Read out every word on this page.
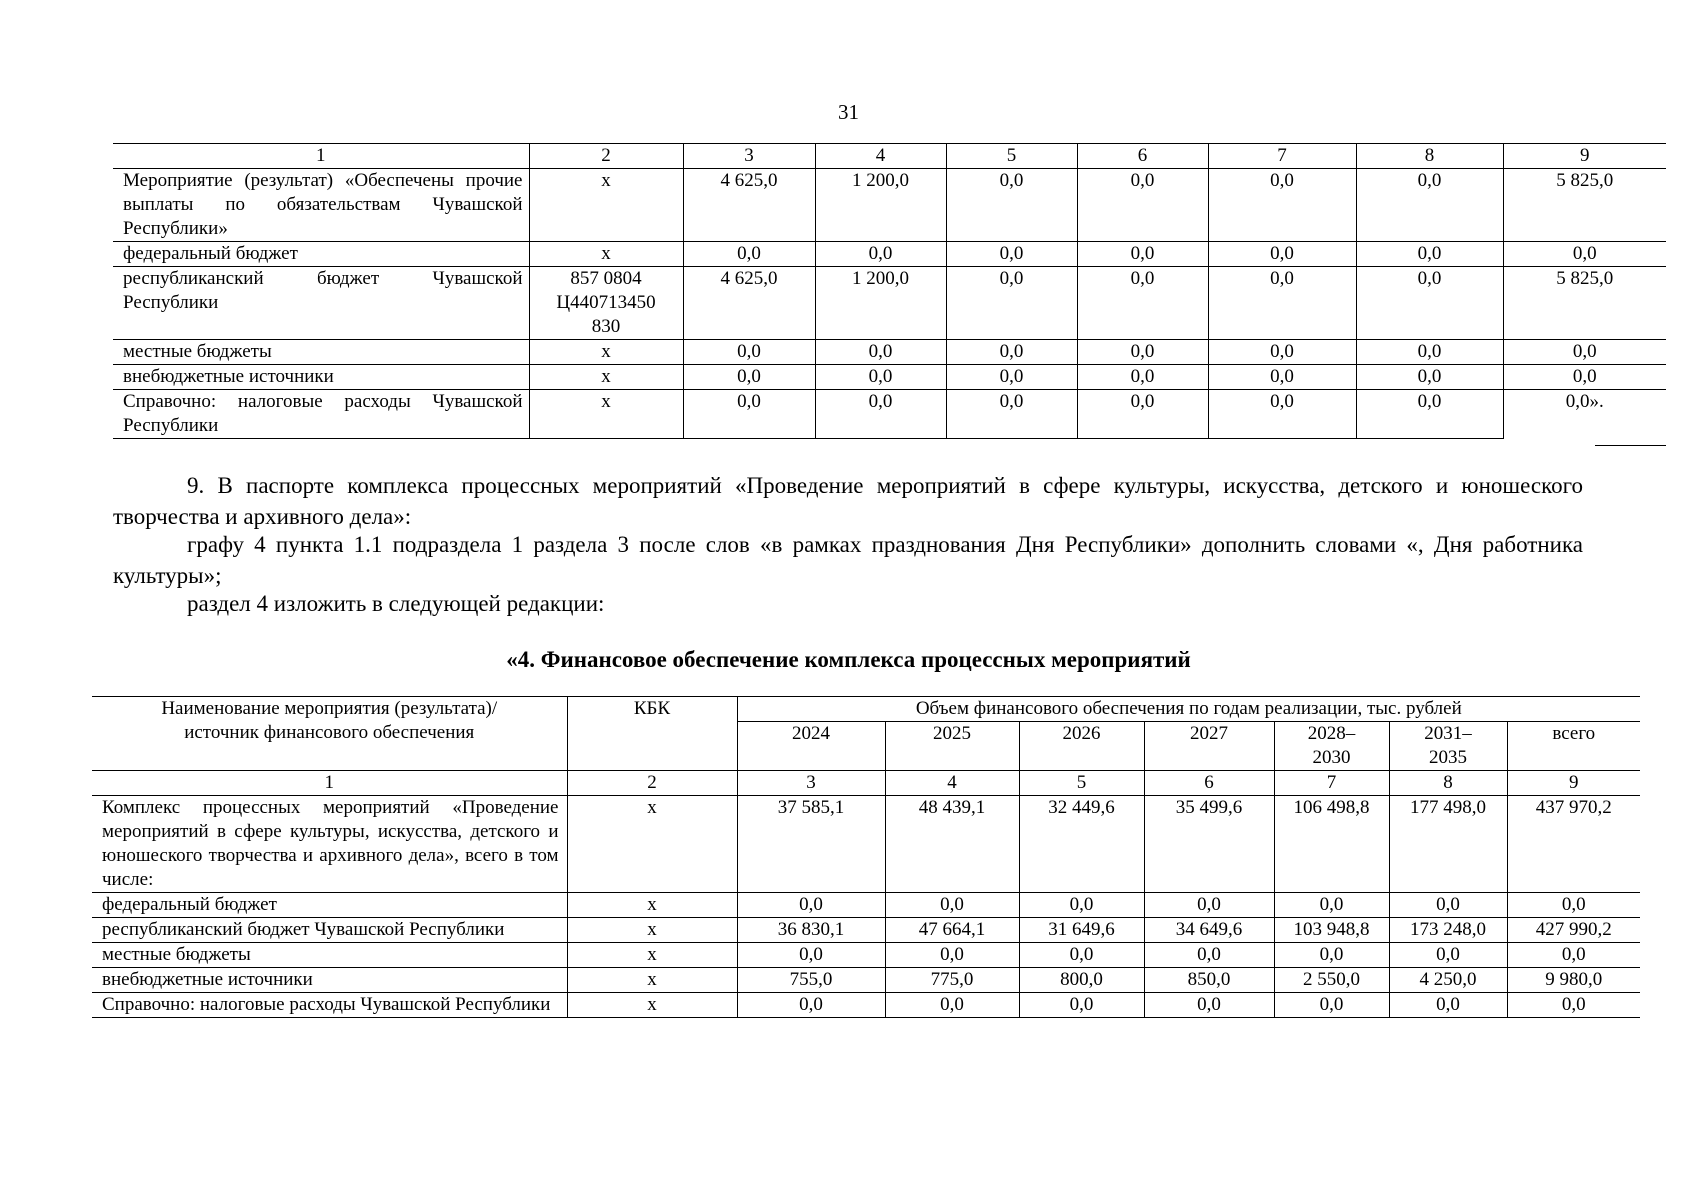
31
1	2	3	4	5	6	7	8	9
Мероприятие (результат) «Обеспечены прочие выплаты по обязательствам Чувашской Республики»	x	4 625,0	1 200,0	0,0	0,0	0,0	0,0	5 825,0
федеральный бюджет	x	0,0	0,0	0,0	0,0	0,0	0,0	0,0
республиканский бюджет Чувашской Республики	857 0804 Ц440713450 830	4 625,0	1 200,0	0,0	0,0	0,0	0,0	5 825,0
местные бюджеты	x	0,0	0,0	0,0	0,0	0,0	0,0	0,0
внебюджетные источники	x	0,0	0,0	0,0	0,0	0,0	0,0	0,0
Справочно: налоговые расходы Чувашской Республики	x	0,0	0,0	0,0	0,0	0,0	0,0	0,0».
9. В паспорте комплекса процессных мероприятий «Проведение мероприятий в сфере культуры, искусства, детского и юношеского творчества и архивного дела»:
графу 4 пункта 1.1 подраздела 1 раздела 3 после слов «в рамках празднования Дня Республики» дополнить словами «, Дня работника культуры»;
раздел 4 изложить в следующей редакции:
«4. Финансовое обеспечение комплекса процессных мероприятий
Наименование мероприятия (результата)/ источник финансового обеспечения	КБК	Объем финансового обеспечения по годам реализации, тыс. рублей						
		2024	2025	2026	2027	2028–2030	2031–2035	всего
1	2	3	4	5	6	7	8	9
Комплекс процессных мероприятий «Проведение мероприятий в сфере культуры, искусства, детского и юношеского творчества и архивного дела», всего в том числе:	x	37 585,1	48 439,1	32 449,6	35 499,6	106 498,8	177 498,0	437 970,2
федеральный бюджет	x	0,0	0,0	0,0	0,0	0,0	0,0	0,0
республиканский бюджет Чувашской Республики	x	36 830,1	47 664,1	31 649,6	34 649,6	103 948,8	173 248,0	427 990,2
местные бюджеты	x	0,0	0,0	0,0	0,0	0,0	0,0	0,0
внебюджетные источники	x	755,0	775,0	800,0	850,0	2 550,0	4 250,0	9 980,0
Справочно: налоговые расходы Чувашской Республики	x	0,0	0,0	0,0	0,0	0,0	0,0	0,0
